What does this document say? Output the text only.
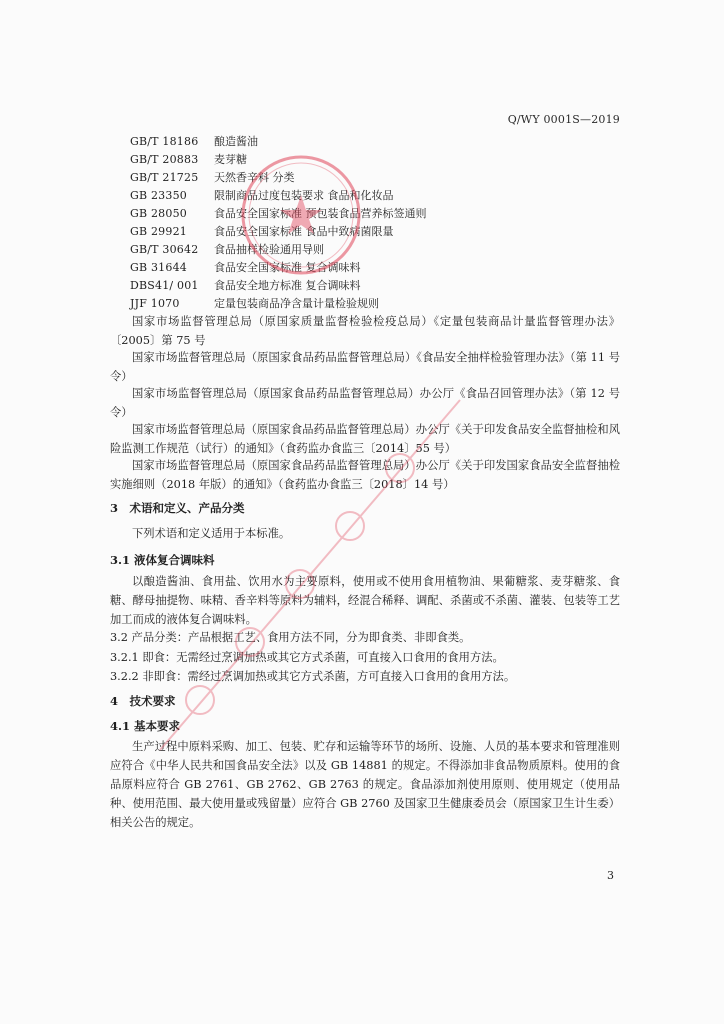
Q/WY 0001S—2019
GB/T 18186	酿造酱油
GB/T 20883	麦芽糖
GB/T 21725	天然香辛料 分类
GB 23350	限制商品过度包装要求 食品和化妆品
GB 28050	食品安全国家标准 预包装食品营养标签通则
GB 29921	食品安全国家标准 食品中致病菌限量
GB/T 30642	食品抽样检验通用导则
GB 31644	食品安全国家标准 复合调味料
DBS41/ 001	食品安全地方标准 复合调味料
JJF 1070	定量包装商品净含量计量检验规则
国家市场监督管理总局（原国家质量监督检验检疫总局）《定量包装商品计量监督管理办法》〔2005〕第 75 号
国家市场监督管理总局（原国家食品药品监督管理总局）《食品安全抽样检验管理办法》（第 11 号令）
国家市场监督管理总局（原国家食品药品监督管理总局）办公厅《食品召回管理办法》（第 12 号令）
国家市场监督管理总局（原国家食品药品监督管理总局）办公厅《关于印发食品安全监督抽检和风险监测工作规范（试行）的通知》（食药监办食监三〔2014〕55 号）
国家市场监督管理总局（原国家食品药品监督管理总局）办公厅《关于印发国家食品安全监督抽检实施细则（2018 年版）的通知》（食药监办食监三〔2018〕14 号）
3　术语和定义、产品分类
下列术语和定义适用于本标准。
3.1 液体复合调味料
以酿造酱油、食用盐、饮用水为主要原料，使用或不使用食用植物油、果葡糖浆、麦芽糖浆、食糖、酵母抽提物、味精、香辛料等原料为辅料，经混合稀释、调配、杀菌或不杀菌、灌装、包装等工艺加工而成的液体复合调味料。
3.2 产品分类：产品根据工艺、食用方法不同，分为即食类、非即食类。
3.2.1 即食：无需经过烹调加热或其它方式杀菌，可直接入口食用的食用方法。
3.2.2 非即食：需经过烹调加热或其它方式杀菌，方可直接入口食用的食用方法。
4　技术要求
4.1 基本要求
生产过程中原料采购、加工、包装、贮存和运输等环节的场所、设施、人员的基本要求和管理准则应符合《中华人民共和国食品安全法》以及 GB 14881 的规定。不得添加非食品物质原料。使用的食品原料应符合 GB 2761、GB 2762、GB 2763 的规定。食品添加剂使用原则、使用规定（使用品种、使用范围、最大使用量或残留量）应符合 GB 2760 及国家卫生健康委员会（原国家卫生计生委）相关公告的规定。
3
